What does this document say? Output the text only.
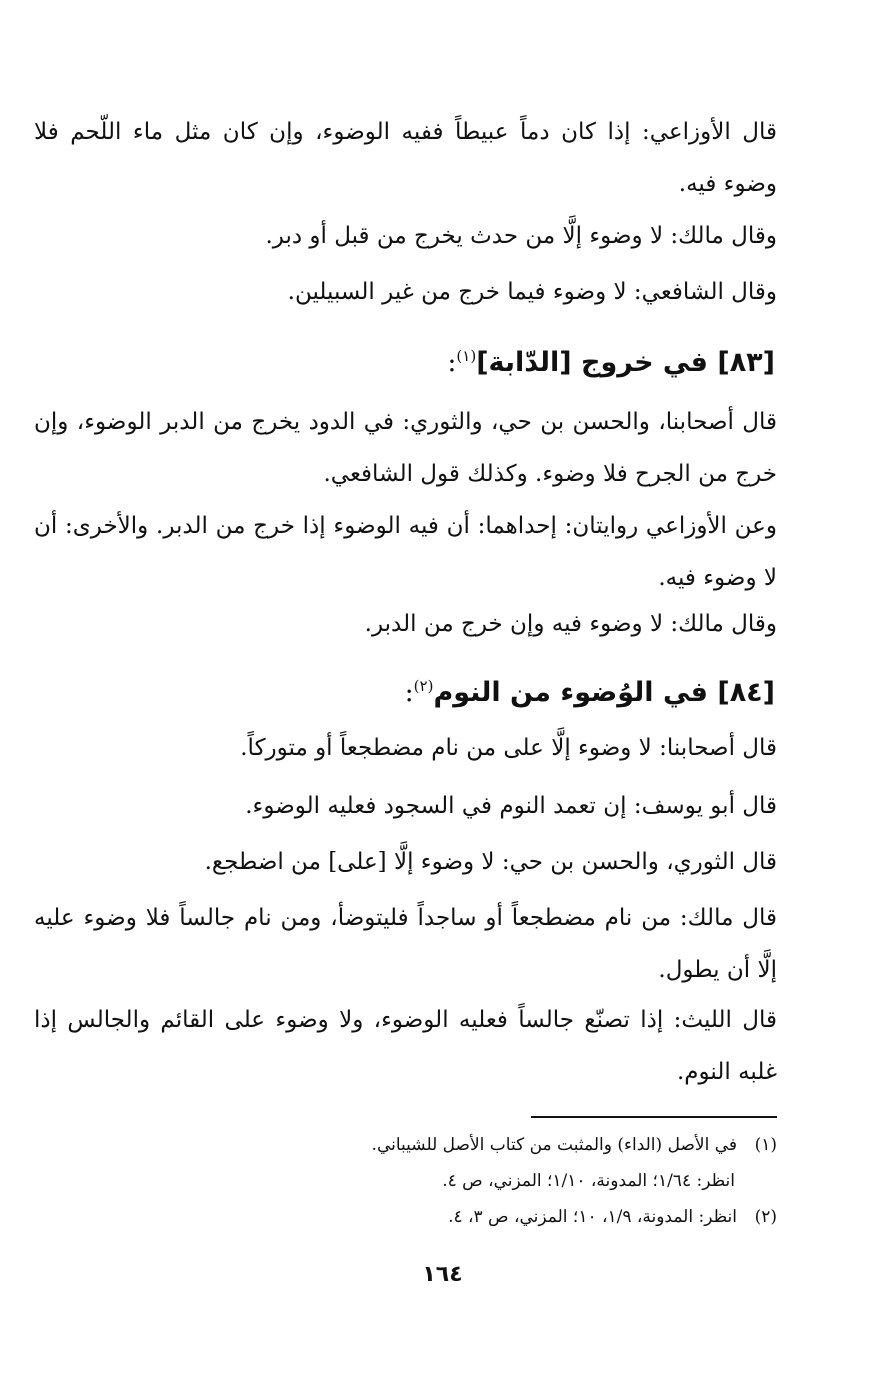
قال الأوزاعي: إذا كان دماً عبيطاً ففيه الوضوء، وإن كان مثل ماء اللّحم فلا وضوء فيه.
وقال مالك: لا وضوء إلَّا من حدث يخرج من قبل أو دبر.
وقال الشافعي: لا وضوء فيما خرج من غير السبيلين.
[٨٣] في خروج [الدّابة]$^{(١)}$:
قال أصحابنا، والحسن بن حي، والثوري: في الدود يخرج من الدبر الوضوء، وإن خرج من الجرح فلا وضوء. وكذلك قول الشافعي.
وعن الأوزاعي روايتان: إحداهما: أن فيه الوضوء إذا خرج من الدبر. والأخرى: أن لا وضوء فيه.
وقال مالك: لا وضوء فيه وإن خرج من الدبر.
[٨٤] في الوُضوء من النوم$^{(٢)}$:
قال أصحابنا: لا وضوء إلَّا على من نام مضطجعاً أو متوركاً.
قال أبو يوسف: إن تعمد النوم في السجود فعليه الوضوء.
قال الثوري، والحسن بن حي: لا وضوء إلَّا [على] من اضطجع.
قال مالك: من نام مضطجعاً أو ساجداً فليتوضأ، ومن نام جالساً فلا وضوء عليه إلَّا أن يطول.
قال الليث: إذا تصنّع جالساً فعليه الوضوء، ولا وضوء على القائم والجالس إذا غلبه النوم.
(١)في الأصل (الداء) والمثبت من كتاب الأصل للشيباني.
انظر: ١/٦٤؛ المدونة، ١/١٠؛ المزني، ص ٤.
(٢)انظر: المدونة، ١/٩، ١٠؛ المزني، ص ٣، ٤.
١٦٤
